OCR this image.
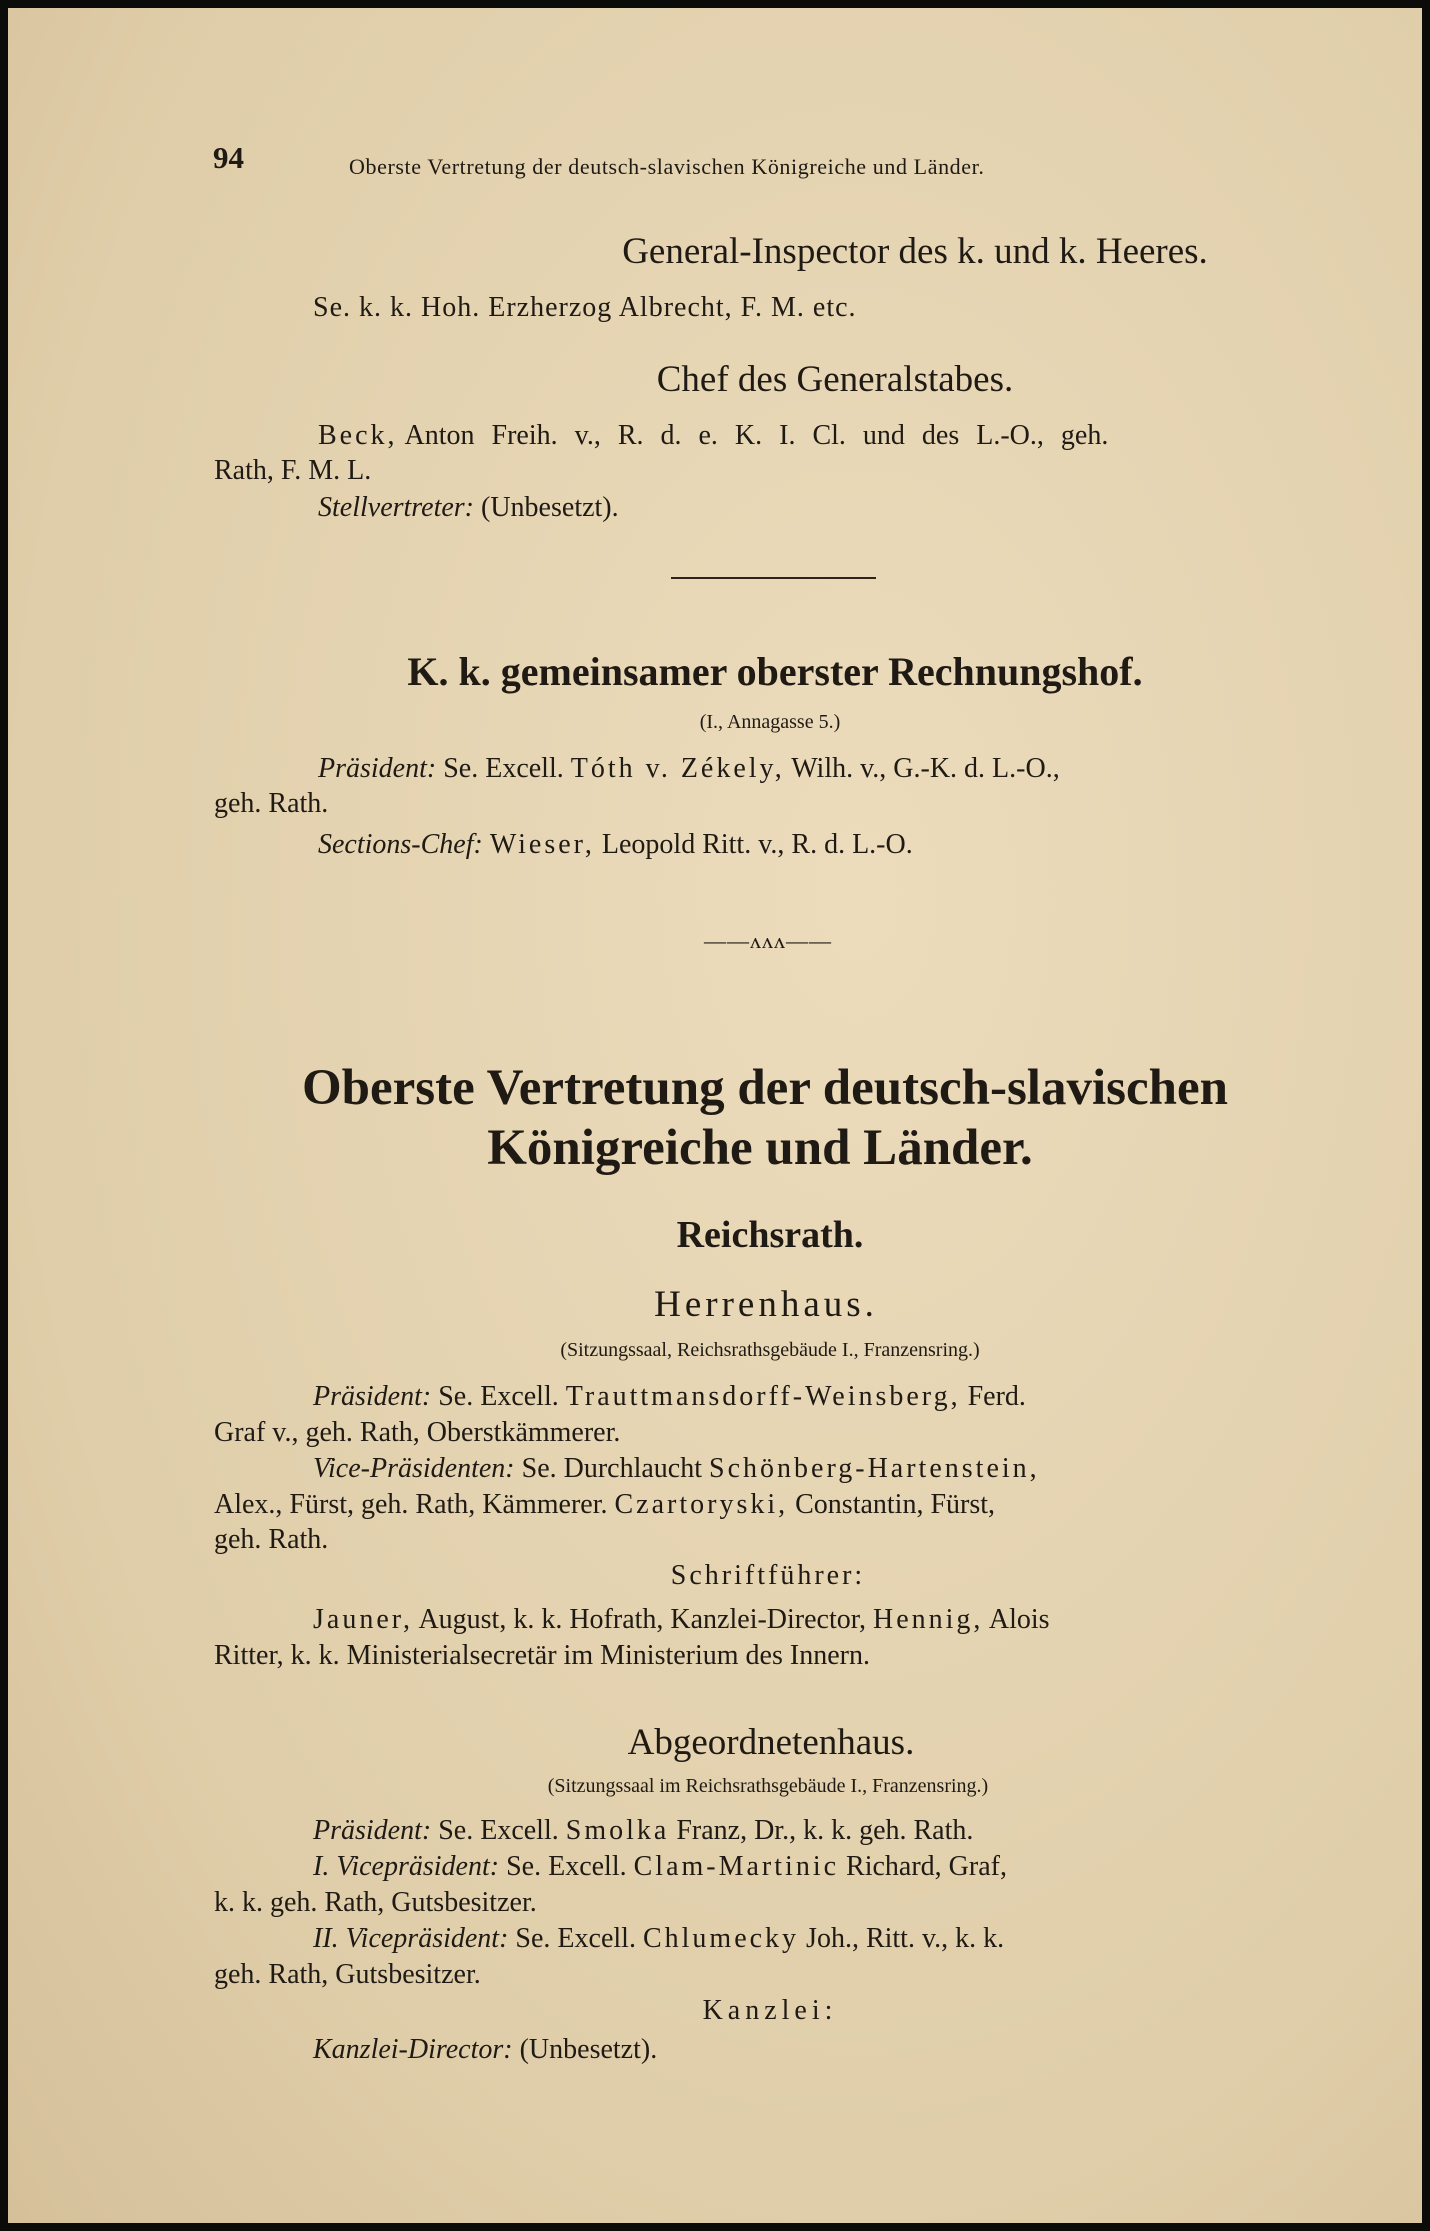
94	Oberste Vertretung der deutsch-slavischen Königreiche und Länder.
General-Inspector des k. und k. Heeres.
Se. k. k. Hoh. Erzherzog Albrecht, F. M. etc.
Chef des Generalstabes.
Beck, Anton Freih. v., R. d. e. K. I. Cl. und des L.-O., geh.
Rath, F. M. L.
Stellvertreter: (Unbesetzt).
K. k. gemeinsamer oberster Rechnungshof.
(I., Annagasse 5.)
Präsident: Se. Excell. Tóth v. Zékely, Wilh. v., G.-K. d. L.-O.,
geh. Rath.
Sections-Chef: Wieser, Leopold Ritt. v., R. d. L.-O.
——ᴧᴧᴧ——
Oberste Vertretung der deutsch-slavischen
Königreiche und Länder.
Reichsrath.
Herrenhaus.
(Sitzungssaal, Reichsrathsgebäude I., Franzensring.)
Präsident: Se. Excell. Trauttmansdorff-Weinsberg, Ferd.
Graf v., geh. Rath, Oberstkämmerer.
Vice-Präsidenten: Se. Durchlaucht Schönberg-Hartenstein,
Alex., Fürst, geh. Rath, Kämmerer. Czartoryski, Constantin, Fürst,
geh. Rath.
Schriftführer:
Jauner, August, k. k. Hofrath, Kanzlei-Director, Hennig, Alois
Ritter, k. k. Ministerialsecretär im Ministerium des Innern.
Abgeordnetenhaus.
(Sitzungssaal im Reichsrathsgebäude I., Franzensring.)
Präsident: Se. Excell. Smolka Franz, Dr., k. k. geh. Rath.
I. Vicepräsident: Se. Excell. Clam-Martinic Richard, Graf,
k. k. geh. Rath, Gutsbesitzer.
II. Vicepräsident: Se. Excell. Chlumecky Joh., Ritt. v., k. k.
geh. Rath, Gutsbesitzer.
Kanzlei:
Kanzlei-Director: (Unbesetzt).
